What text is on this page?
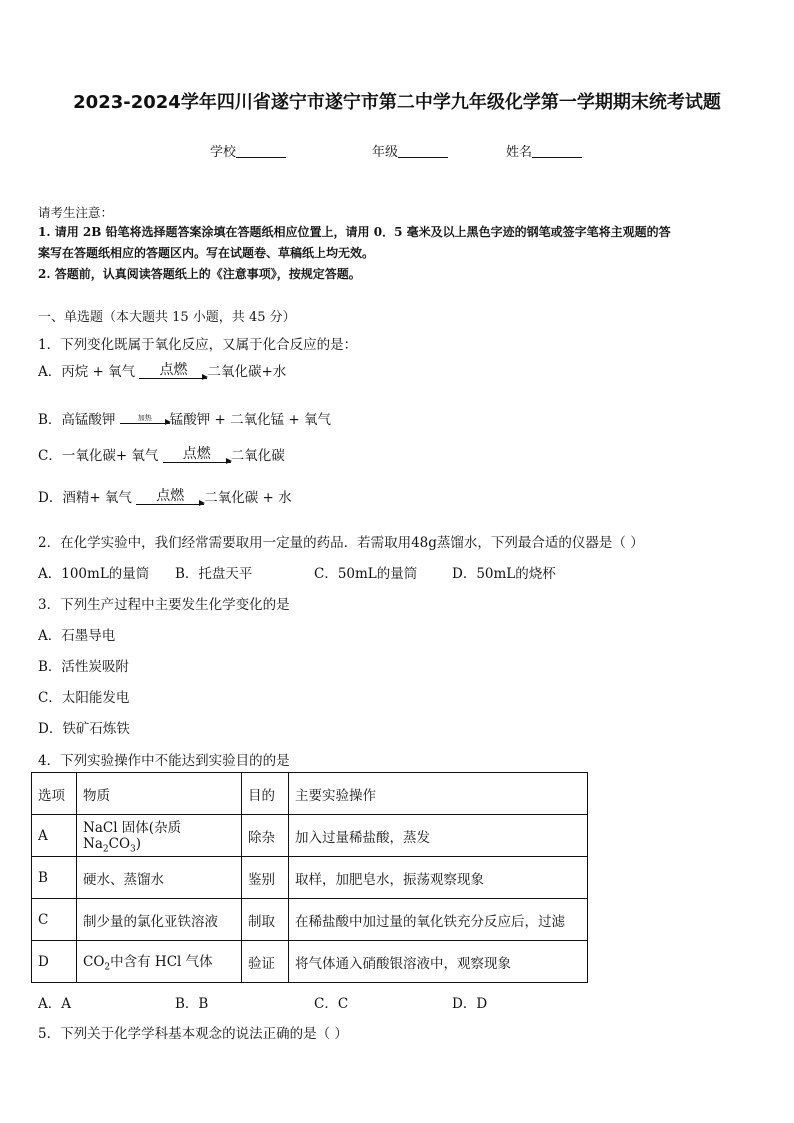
2023-2024学年四川省遂宁市遂宁市第二中学九年级化学第一学期期末统考试题
学校	年级	姓名
请考生注意：
1. 请用 2B 铅笔将选择题答案涂填在答题纸相应位置上，请用 0．5 毫米及以上黑色字迹的钢笔或签字笔将主观题的答
案写在答题纸相应的答题区内。写在试题卷、草稿纸上均无效。
2. 答题前，认真阅读答题纸上的《注意事项》，按规定答题。
一、单选题（本大题共 15 小题，共 45 分）
1．下列变化既属于氧化反应，又属于化合反应的是：
A．丙烷 + 氧气	点燃	二氧化碳+水
B．高锰酸钾	加热	锰酸钾 + 二氧化锰 + 氧气
C．一氧化碳+ 氧气	点燃	二氧化碳
D．酒精+ 氧气	点燃	二氧化碳 + 水
2．在化学实验中，我们经常需要取用一定量的药品．若需取用48g蒸馏水，下列最合适的仪器是（ ）
A．100mL的量筒 B．托盘天平	C．50mL的量筒	D．50mL的烧杯
3．下列生产过程中主要发生化学变化的是
A．石墨导电
B．活性炭吸附
C．太阳能发电
D．铁矿石炼铁
4．下列实验操作中不能达到实验目的的是
选项	物质	目的	主要实验操作
A	NaCl 固体(杂质 $Na_2CO_3$)	除杂	加入过量稀盐酸，蒸发
B	硬水、蒸馏水	鉴别	取样，加肥皂水，振荡观察现象
C	制少量的氯化亚铁溶液	制取	在稀盐酸中加过量的氧化铁充分反应后，过滤
D	$CO_2$中含有 HCl 气体	验证	将气体通入硝酸银溶液中，观察现象
A．A	B．B	C．C	D．D
5．下列关于化学学科基本观念的说法正确的是（ ）
